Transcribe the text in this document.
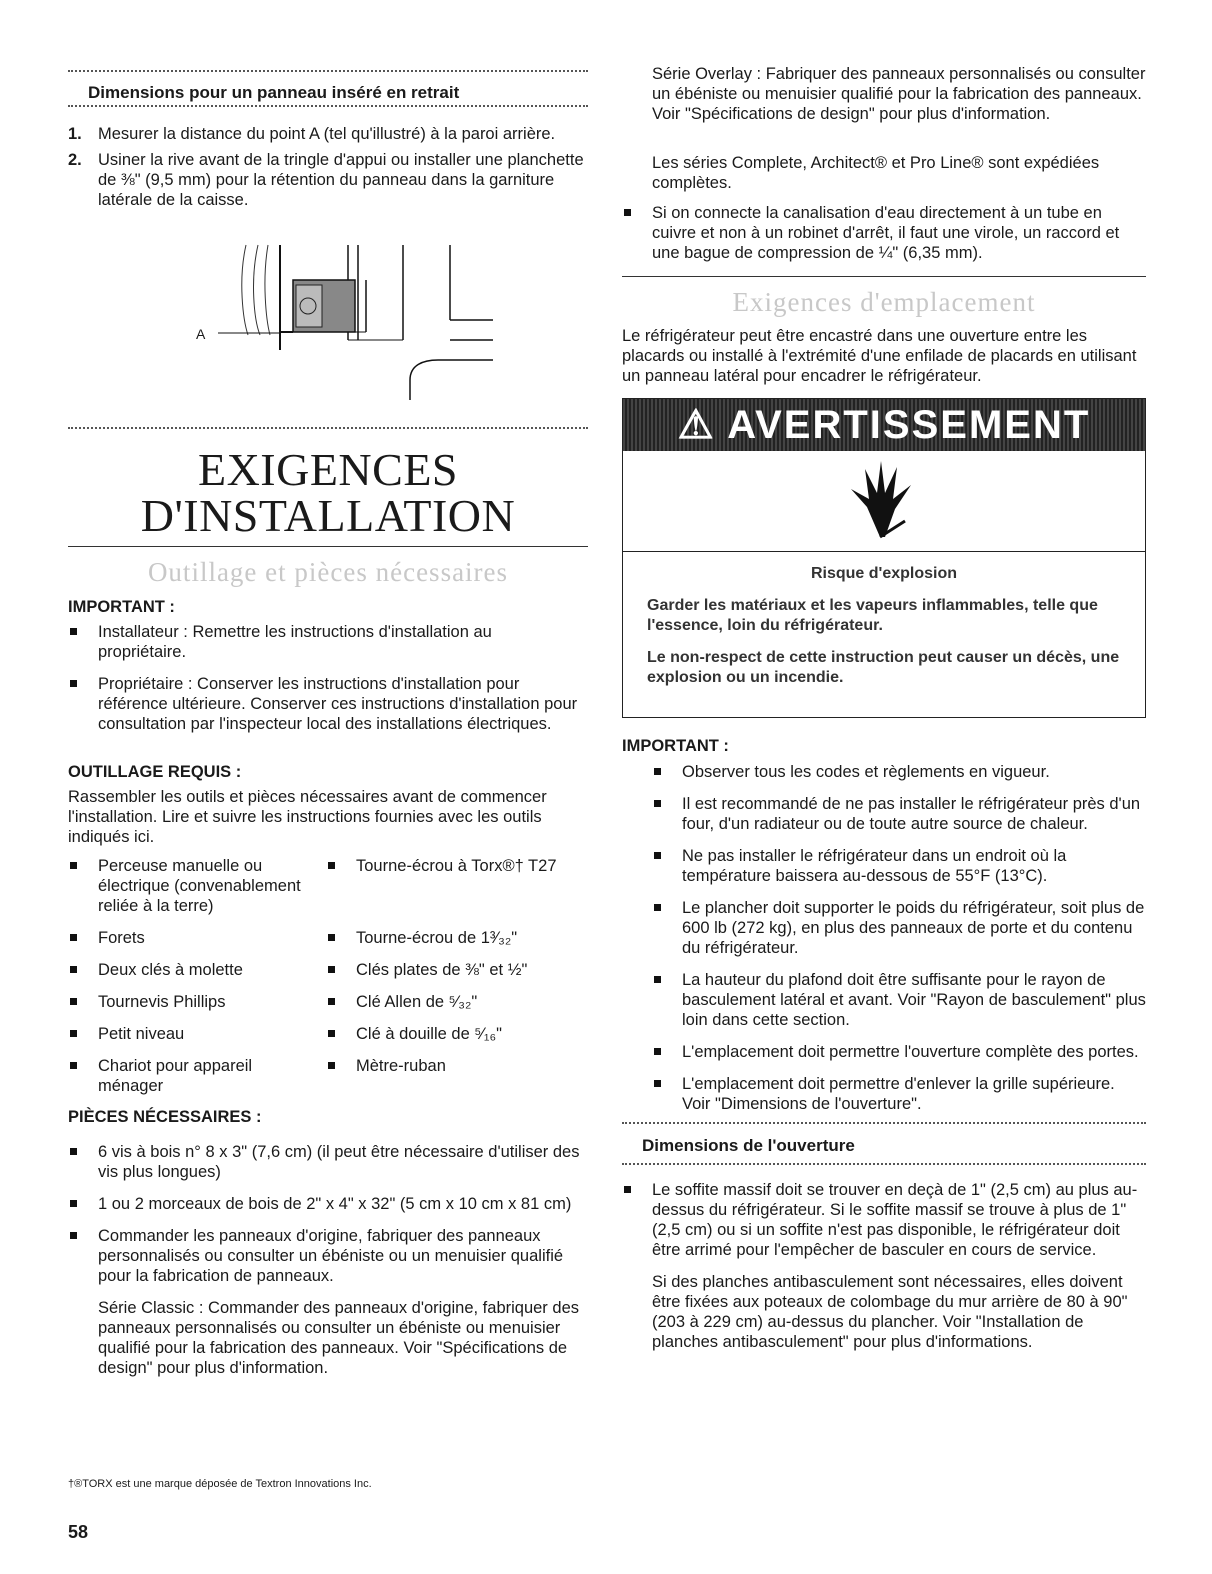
Dimensions pour un panneau inséré en retrait

1. Mesurer la distance du point A (tel qu'illustré) à la paroi arrière.
2. Usiner la rive avant de la tringle d'appui ou installer une planchette de ⅜" (9,5 mm) pour la rétention du panneau dans la garniture latérale de la caisse.
A
EXIGENCES
D'INSTALLATION

Outillage et pièces nécessaires

IMPORTANT :

Installateur : Remettre les instructions d'installation au propriétaire.
Propriétaire : Conserver les instructions d'installation pour référence ultérieure. Conserver ces instructions d'installation pour consultation par l'inspecteur local des installations électriques.

OUTILLAGE REQUIS :

Rassembler les outils et pièces nécessaires avant de commencer l'installation. Lire et suivre les instructions fournies avec les outils indiqués ici.

Perceuse manuelle ou électrique (convenablement reliée à la terre)
Forets
Deux clés à molette
Tournevis Phillips
Petit niveau
Chariot pour appareil ménager
Tourne-écrou à Torx®† T27
Tourne-écrou de 1³⁄₃₂"
Clés plates de ⅜" et ½"
Clé Allen de ⁵⁄₃₂"
Clé à douille de ⁵⁄₁₆"
Mètre-ruban

PIÈCES NÉCESSAIRES :

6 vis à bois n° 8 x 3" (7,6 cm) (il peut être nécessaire d'utiliser des vis plus longues)
1 ou 2 morceaux de bois de 2" x 4" x 32" (5 cm x 10 cm x 81 cm)
Commander les panneaux d'origine, fabriquer des panneaux personnalisés ou consulter un ébéniste ou un menuisier qualifié pour la fabrication de panneaux.
Série Classic : Commander des panneaux d'origine, fabriquer des panneaux personnalisés ou consulter un ébéniste ou menuisier qualifié pour la fabrication des panneaux. Voir "Spécifications de design" pour plus d'information.

Série Overlay : Fabriquer des panneaux personnalisés ou consulter un ébéniste ou menuisier qualifié pour la fabrication des panneaux. Voir "Spécifications de design" pour plus d'information.

Les séries Complete, Architect® et Pro Line® sont expédiées complètes.

Si on connecte la canalisation d'eau directement à un tube en cuivre et non à un robinet d'arrêt, il faut une virole, un raccord et une bague de compression de ¼" (6,35 mm).

Exigences d'emplacement

Le réfrigérateur peut être encastré dans une ouverture entre les placards ou installé à l'extrémité d'une enfilade de placards en utilisant un panneau latéral pour encadrer le réfrigérateur.

⚠ AVERTISSEMENT

Risque d'explosion

Garder les matériaux et les vapeurs inflammables, telle que l'essence, loin du réfrigérateur.

Le non-respect de cette instruction peut causer un décès, une explosion ou un incendie.

IMPORTANT :

Observer tous les codes et règlements en vigueur.
Il est recommandé de ne pas installer le réfrigérateur près d'un four, d'un radiateur ou de toute autre source de chaleur.
Ne pas installer le réfrigérateur dans un endroit où la température baissera au-dessous de 55°F (13°C).
Le plancher doit supporter le poids du réfrigérateur, soit plus de 600 lb (272 kg), en plus des panneaux de porte et du contenu du réfrigérateur.
La hauteur du plafond doit être suffisante pour le rayon de basculement latéral et avant. Voir "Rayon de basculement" plus loin dans cette section.
L'emplacement doit permettre l'ouverture complète des portes.
L'emplacement doit permettre d'enlever la grille supérieure. Voir "Dimensions de l'ouverture".

Dimensions de l'ouverture

Le soffite massif doit se trouver en deçà de 1" (2,5 cm) au plus au-dessus du réfrigérateur. Si le soffite massif se trouve à plus de 1" (2,5 cm) ou si un soffite n'est pas disponible, le réfrigérateur doit être arrimé pour l'empêcher de basculer en cours de service.
Si des planches antibasculement sont nécessaires, elles doivent être fixées aux poteaux de colombage du mur arrière de 80 à 90" (203 à 229 cm) au-dessus du plancher. Voir "Installation de planches antibasculement" pour plus d'informations.
†®TORX est une marque déposée de Textron Innovations Inc.
58
